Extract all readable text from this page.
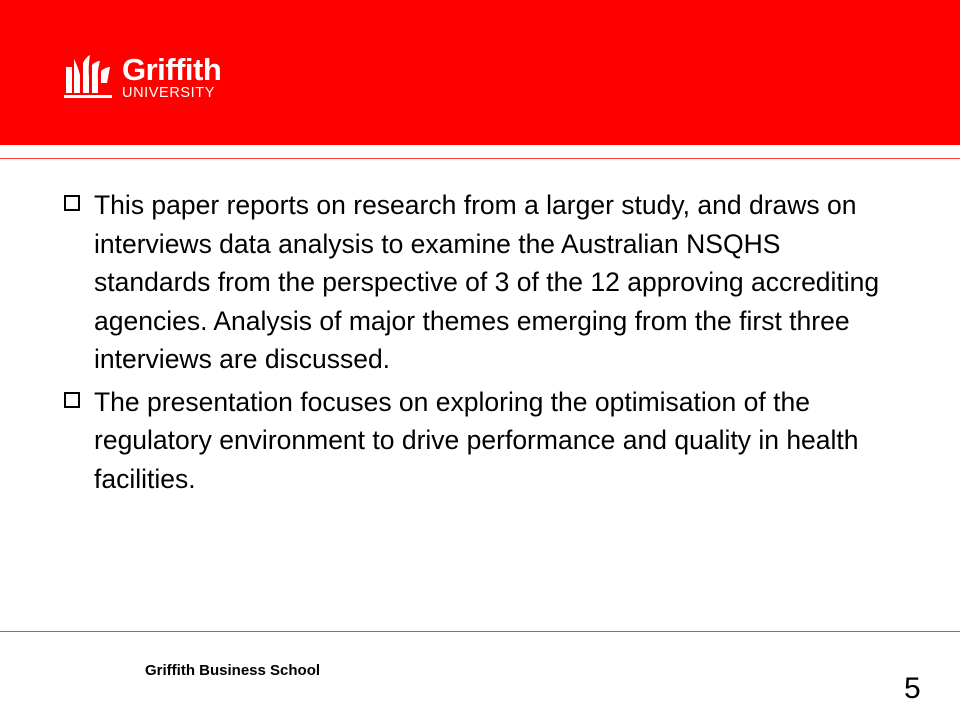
Griffith
UNIVERSITY
This paper reports on research from a larger study, and draws on interviews data analysis to examine the Australian NSQHS standards from the perspective of 3 of the 12 approving accrediting agencies. Analysis of major themes emerging from the first three interviews are discussed.
The presentation focuses on exploring the optimisation of the regulatory environment to drive performance and quality in health facilities.
Griffith Business School
5
